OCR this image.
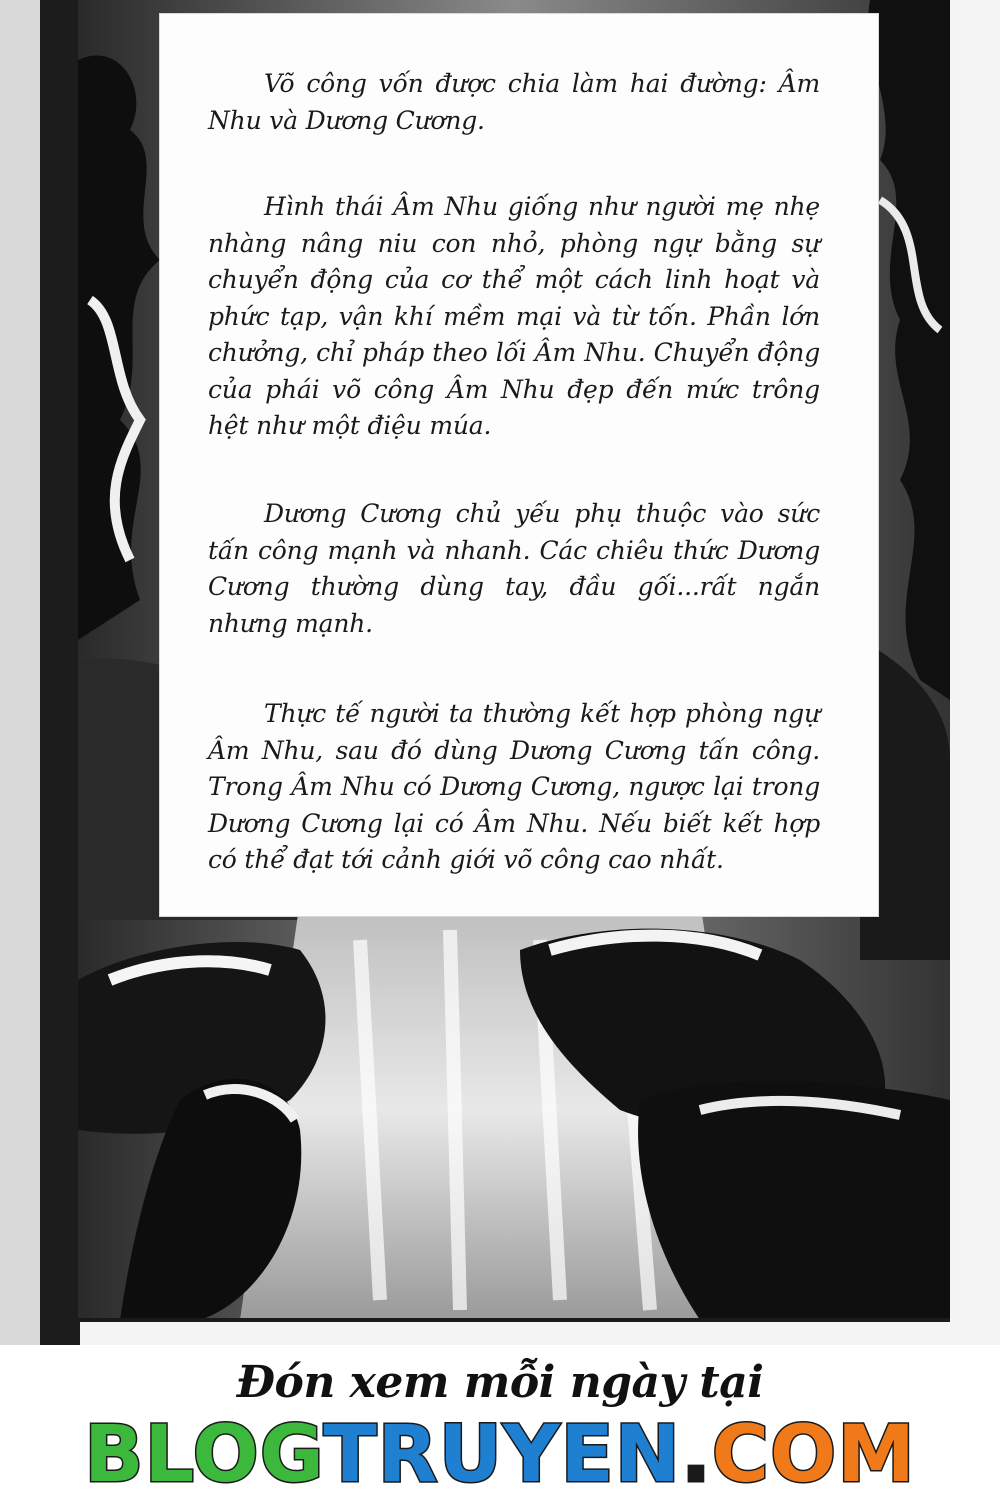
Võ công vốn được chia làm hai đường: Âm Nhu và Dương Cương.

Hình thái Âm Nhu giống như người mẹ nhẹ nhàng nâng niu con nhỏ, phòng ngự bằng sự chuyển động của cơ thể một cách linh hoạt và phức tạp, vận khí mềm mại và từ tốn. Phần lớn chưởng, chỉ pháp theo lối Âm Nhu. Chuyển động của phái võ công Âm Nhu đẹp đến mức trông hệt như một điệu múa.

Dương Cương chủ yếu phụ thuộc vào sức tấn công mạnh và nhanh. Các chiêu thức Dương Cương thường dùng tay, đầu gối...rất ngắn nhưng mạnh.

Thực tế người ta thường kết hợp phòng ngự Âm Nhu, sau đó dùng Dương Cương tấn công. Trong Âm Nhu có Dương Cương, ngược lại trong Dương Cương lại có Âm Nhu. Nếu biết kết hợp có thể đạt tới cảnh giới võ công cao nhất.

Đón xem mỗi ngày tại
BLOGTRUYEN.COM
